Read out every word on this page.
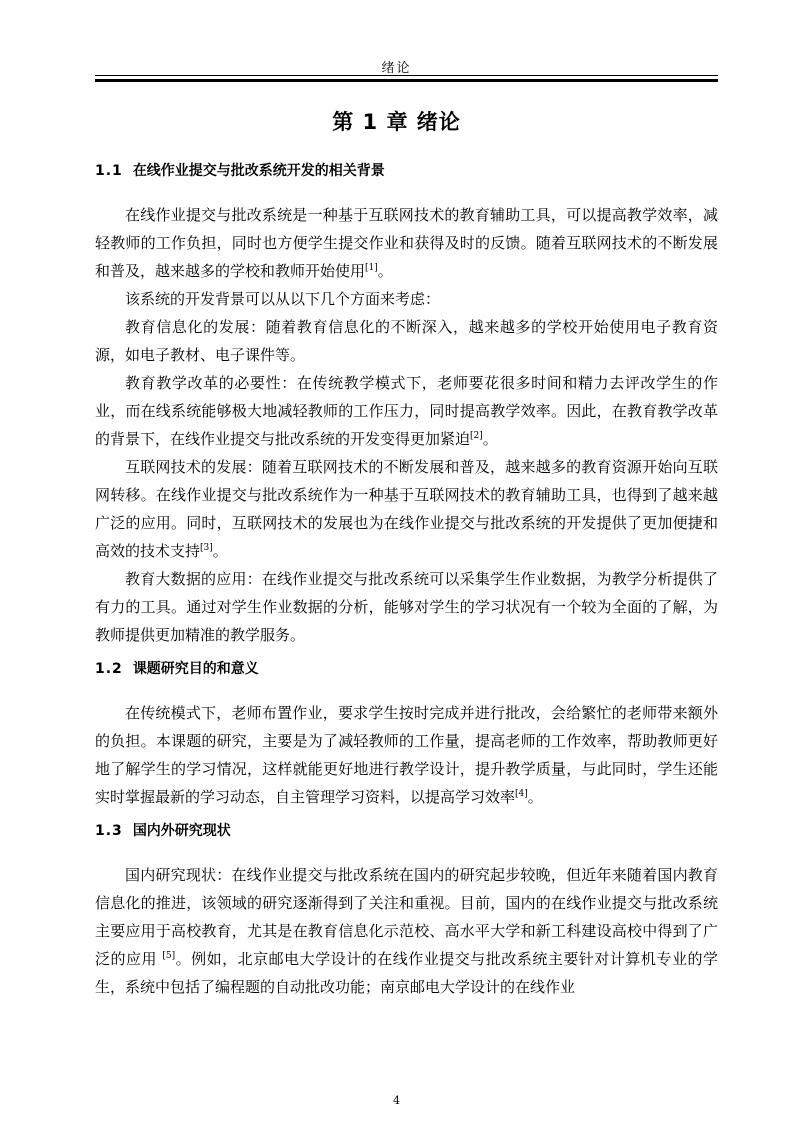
绪论
第 1 章 绪论
1.1 在线作业提交与批改系统开发的相关背景

在线作业提交与批改系统是一种基于互联网技术的教育辅助工具，可以提高教学效率，减轻教师的工作负担，同时也方便学生提交作业和获得及时的反馈。随着互联网技术的不断发展和普及，越来越多的学校和教师开始使用[1]。

该系统的开发背景可以从以下几个方面来考虑：

教育信息化的发展：随着教育信息化的不断深入，越来越多的学校开始使用电子教育资源，如电子教材、电子课件等。

教育教学改革的必要性：在传统教学模式下，老师要花很多时间和精力去评改学生的作业，而在线系统能够极大地减轻教师的工作压力，同时提高教学效率。因此，在教育教学改革的背景下，在线作业提交与批改系统的开发变得更加紧迫[2]。

互联网技术的发展：随着互联网技术的不断发展和普及，越来越多的教育资源开始向互联网转移。在线作业提交与批改系统作为一种基于互联网技术的教育辅助工具，也得到了越来越广泛的应用。同时，互联网技术的发展也为在线作业提交与批改系统的开发提供了更加便捷和高效的技术支持[3]。

教育大数据的应用：在线作业提交与批改系统可以采集学生作业数据，为教学分析提供了有力的工具。通过对学生作业数据的分析，能够对学生的学习状况有一个较为全面的了解，为教师提供更加精准的教学服务。

1.2 课题研究目的和意义

在传统模式下，老师布置作业，要求学生按时完成并进行批改，会给繁忙的老师带来额外的负担。本课题的研究，主要是为了减轻教师的工作量，提高老师的工作效率，帮助教师更好地了解学生的学习情况，这样就能更好地进行教学设计，提升教学质量，与此同时，学生还能实时掌握最新的学习动态，自主管理学习资料，以提高学习效率[4]。

1.3 国内外研究现状

国内研究现状：在线作业提交与批改系统在国内的研究起步较晚，但近年来随着国内教育信息化的推进，该领域的研究逐渐得到了关注和重视。目前，国内的在线作业提交与批改系统主要应用于高校教育，尤其是在教育信息化示范校、高水平大学和新工科建设高校中得到了广泛的应用 [5]。例如，北京邮电大学设计的在线作业提交与批改系统主要针对计算机专业的学生，系统中包括了编程题的自动批改功能；南京邮电大学设计的在线作业

4
